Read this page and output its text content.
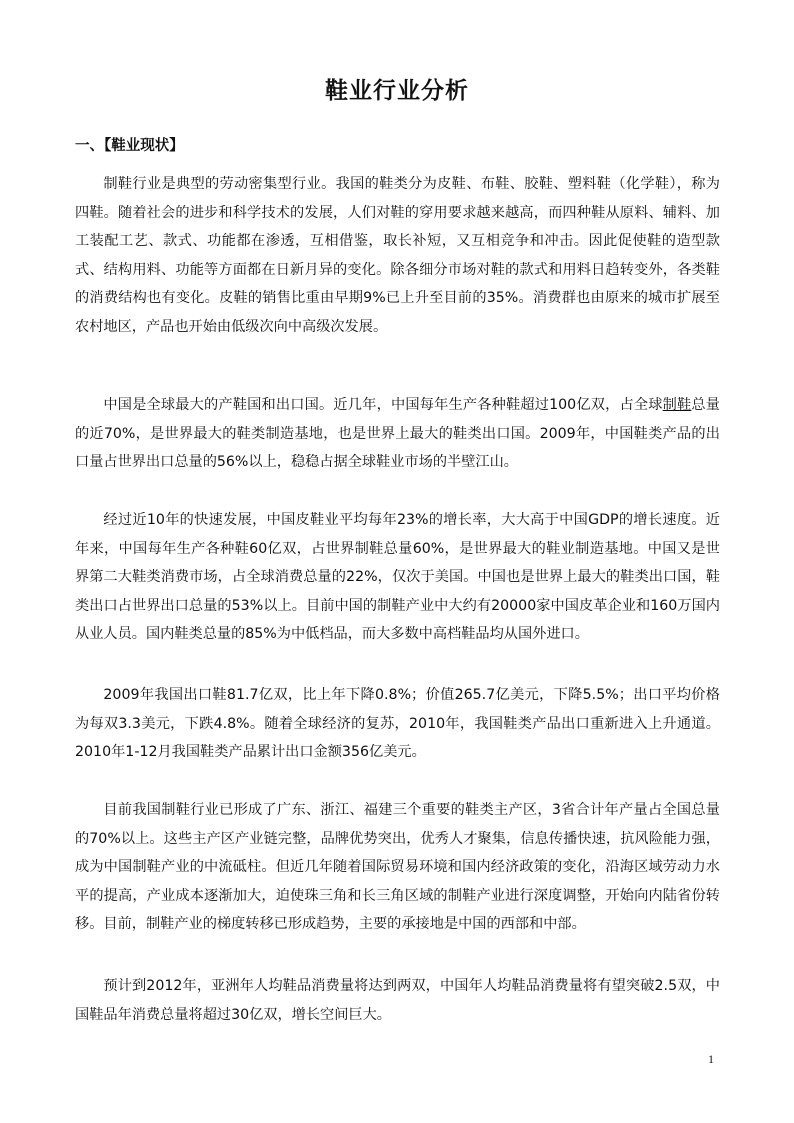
鞋业行业分析
一、【鞋业现状】

制鞋行业是典型的劳动密集型行业。我国的鞋类分为皮鞋、布鞋、胶鞋、塑料鞋（化学鞋），称为四鞋。随着社会的进步和科学技术的发展，人们对鞋的穿用要求越来越高，而四种鞋从原料、辅料、加工装配工艺、款式、功能都在渗透，互相借鉴，取长补短，又互相竞争和冲击。因此促使鞋的造型款式、结构用料、功能等方面都在日新月异的变化。除各细分市场对鞋的款式和用料日趋转变外，各类鞋的消费结构也有变化。皮鞋的销售比重由早期9%已上升至目前的35%。消费群也由原来的城市扩展至农村地区，产品也开始由低级次向中高级次发展。

中国是全球最大的产鞋国和出口国。近几年，中国每年生产各种鞋超过100亿双，占全球制鞋总量的近70%，是世界最大的鞋类制造基地，也是世界上最大的鞋类出口国。2009年，中国鞋类产品的出口量占世界出口总量的56%以上，稳稳占据全球鞋业市场的半壁江山。

经过近10年的快速发展，中国皮鞋业平均每年23%的增长率，大大高于中国GDP的增长速度。近年来，中国每年生产各种鞋60亿双，占世界制鞋总量60%，是世界最大的鞋业制造基地。中国又是世界第二大鞋类消费市场，占全球消费总量的22%，仅次于美国。中国也是世界上最大的鞋类出口国，鞋类出口占世界出口总量的53%以上。目前中国的制鞋产业中大约有20000家中国皮革企业和160万国内从业人员。国内鞋类总量的85%为中低档品，而大多数中高档鞋品均从国外进口。

2009年我国出口鞋81.7亿双，比上年下降0.8%；价值265.7亿美元，下降5.5%；出口平均价格为每双3.3美元，下跌4.8%。随着全球经济的复苏，2010年，我国鞋类产品出口重新进入上升通道。2010年1-12月我国鞋类产品累计出口金额356亿美元。

目前我国制鞋行业已形成了广东、浙江、福建三个重要的鞋类主产区，3省合计年产量占全国总量的70%以上。这些主产区产业链完整，品牌优势突出，优秀人才聚集，信息传播快速，抗风险能力强，成为中国制鞋产业的中流砥柱。但近几年随着国际贸易环境和国内经济政策的变化，沿海区域劳动力水平的提高，产业成本逐渐加大，迫使珠三角和长三角区域的制鞋产业进行深度调整，开始向内陆省份转移。目前，制鞋产业的梯度转移已形成趋势，主要的承接地是中国的西部和中部。

预计到2012年，亚洲年人均鞋品消费量将达到两双，中国年人均鞋品消费量将有望突破2.5双，中国鞋品年消费总量将超过30亿双，增长空间巨大。

1
